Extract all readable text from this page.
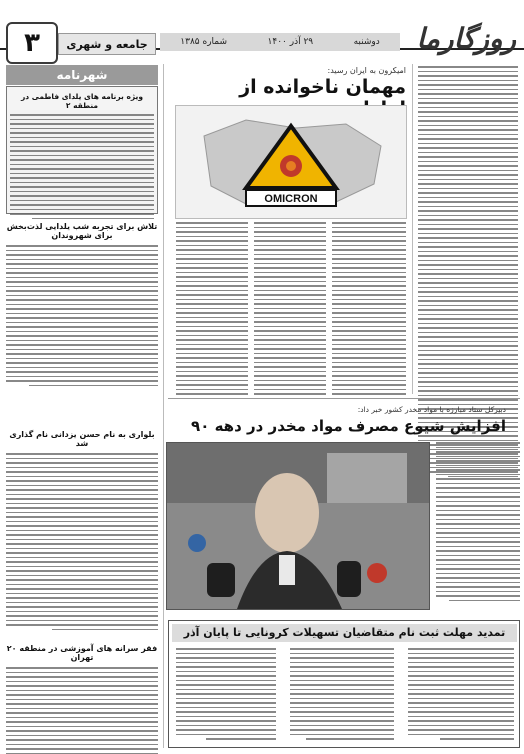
۳	جامعه و شهری	دوشنبه
۲۹ آذر ۱۴۰۰
شماره ۱۳۸۵	روزگارما
شهرنامه
ویژه برنامه های یلدای فاطمی در منطقه ۲
تلاش برای تجربه شب یلدایی لذت‌بخش برای شهروندان
بلواری به نام حسن یزدانی نام گذاری شد
فقر سرانه های آموزشی در منطقه ۲۰ تهران
امیکرون به ایران رسید:
مهمان ناخوانده از
OMICRON
دبیرکل ستاد مبارزه با مواد مخدر کشور خبر داد:
افزایش شیوع مصرف مواد مخدر در دهه ۹۰
تمدید مهلت ثبت نام متقاضیان تسهیلات کرونایی تا پایان آذر
